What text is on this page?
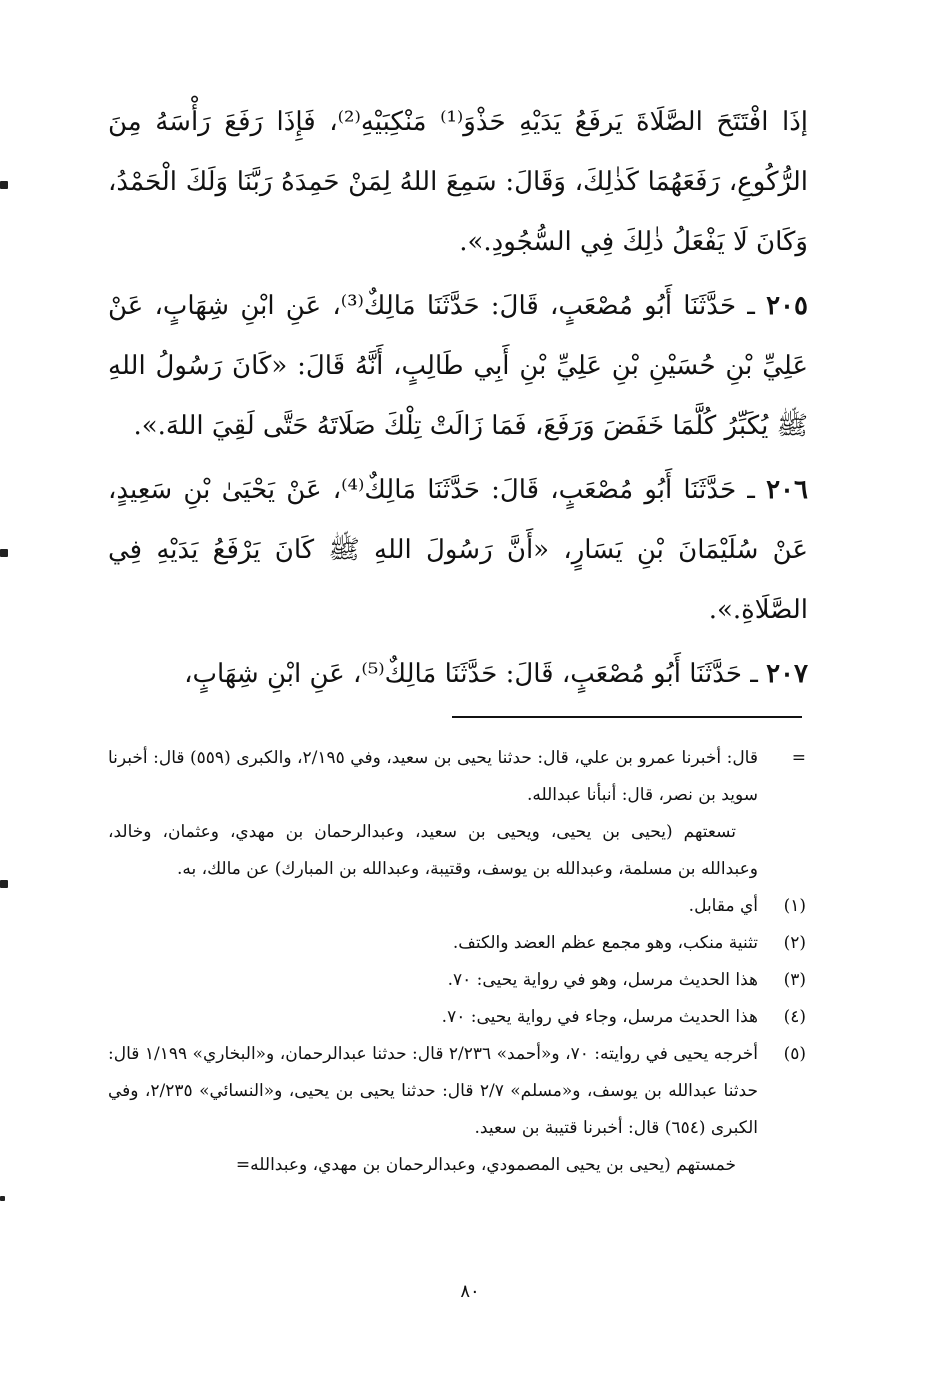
إذَا افْتَتَحَ الصَّلَاةَ يَرفَعُ يَدَيْهِ حَذْوَ⁽¹⁾ مَنْكِبَيْهِ⁽²⁾، فَإِذَا رَفَعَ رَأْسَهُ مِنَ الرُّكُوعِ، رَفَعَهُمَا كَذٰلِكَ، وَقَالَ: سَمِعَ اللهُ لِمَنْ حَمِدَهُ رَبَّنَا وَلَكَ الْحَمْدُ، وَكَانَ لَا يَفْعَلُ ذٰلِكَ فِي السُّجُودِ.».

٢٠٥ ـ حَدَّثَنَا أَبُو مُصْعَبٍ، قَالَ: حَدَّثَنَا مَالِكٌ⁽³⁾، عَنِ ابْنِ شِهَابٍ، عَنْ عَلِيِّ بْنِ حُسَيْنِ بْنِ عَلِيِّ بْنِ أَبِي طَالِبٍ، أَنَّهُ قَالَ: «كَانَ رَسُولُ اللهِ ﷺ يُكَبِّرُ كُلَّمَا خَفَضَ وَرَفَعَ، فَمَا زَالَتْ تِلْكَ صَلَاتَهُ حَتَّى لَقِيَ اللهَ.».

٢٠٦ ـ حَدَّثَنَا أَبُو مُصْعَبٍ، قَالَ: حَدَّثَنَا مَالِكٌ⁽⁴⁾، عَنْ يَحْيَىٰ بْنِ سَعِيدٍ، عَنْ سُلَيْمَانَ بْنِ يَسَارٍ، «أَنَّ رَسُولَ اللهِ ﷺ كَانَ يَرْفَعُ يَدَيْهِ فِي الصَّلَاةِ.».

٢٠٧ ـ حَدَّثَنَا أَبُو مُصْعَبٍ، قَالَ: حَدَّثَنَا مَالِكٌ⁽⁵⁾، عَنِ ابْنِ شِهَابٍ،

=
قال: أخبرنا عمرو بن علي، قال: حدثنا يحيى بن سعيد، وفي ٢/١٩٥، والكبرى (٥٥٩) قال: أخبرنا سويد بن نصر، قال: أنبأنا عبدالله.
تسعتهم (يحيى بن يحيى، ويحيى بن سعيد، وعبدالرحمان بن مهدي، وعثمان، وخالد، وعبدالله بن مسلمة، وعبدالله بن يوسف، وقتيبة، وعبدالله بن المبارك) عن مالك، به.
(١)
أي مقابل.
(٢)
تثنية منكب، وهو مجمع عظم العضد والكتف.
(٣)
هذا الحديث مرسل، وهو في رواية يحيى: ٧٠.
(٤)
هذا الحديث مرسل، وجاء في رواية يحيى: ٧٠.
(٥)
أخرجه يحيى في روايته: ٧٠، و«أحمد» ٢/٢٣٦ قال: حدثنا عبدالرحمان، و«البخاري» ١/١٩٩ قال: حدثنا عبدالله بن يوسف، و«مسلم» ٢/٧ قال: حدثنا يحيى بن يحيى، و«النسائي» ٢/٢٣٥، وفي الكبرى (٦٥٤) قال: أخبرنا قتيبة بن سعيد.
خمستهم (يحيى بن يحيى المصمودي، وعبدالرحمان بن مهدي، وعبدالله=
٨٠
